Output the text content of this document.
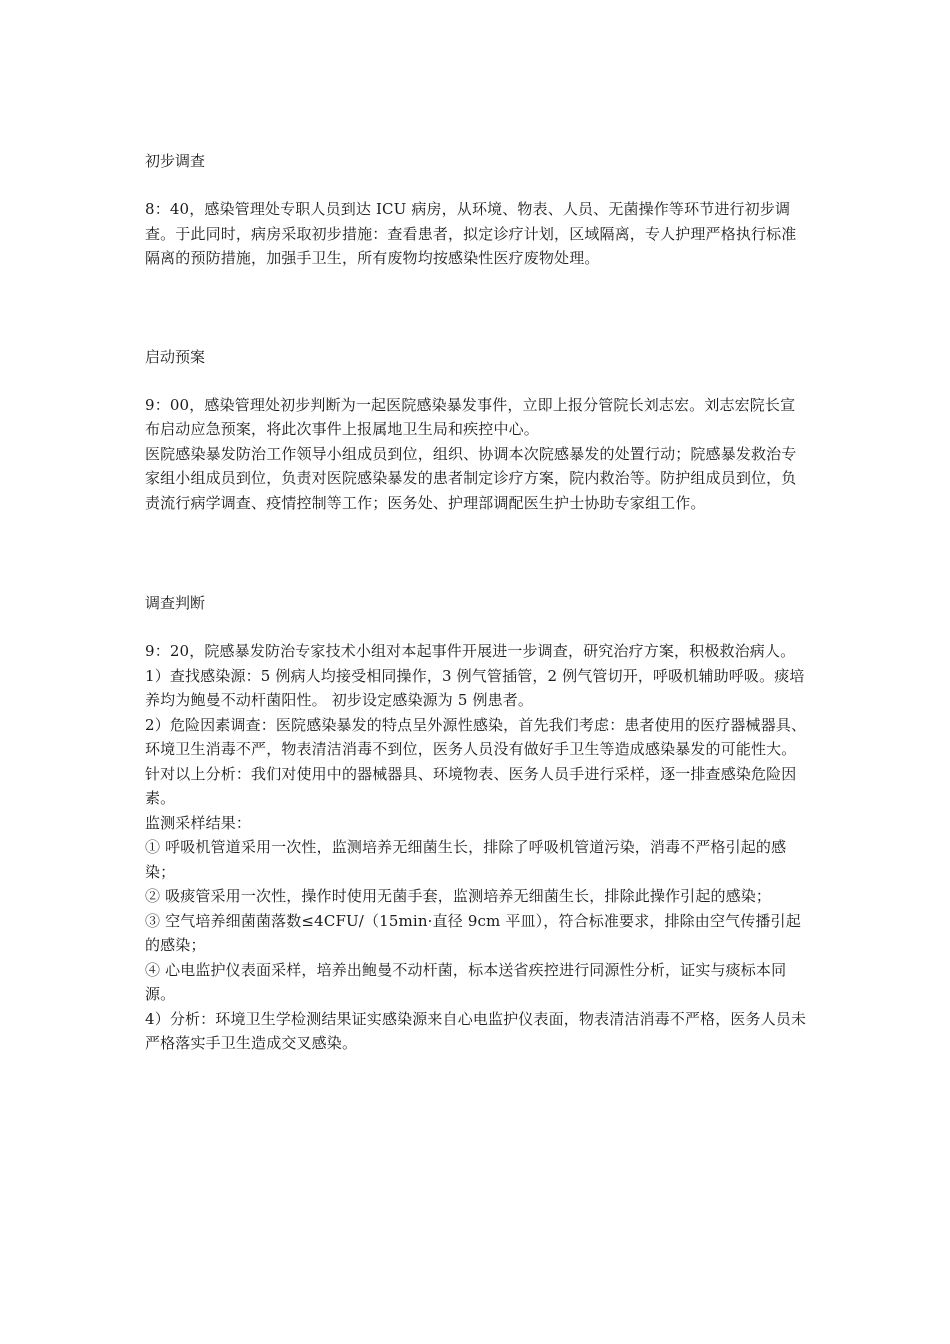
初步调查

8：40，感染管理处专职人员到达 ICU 病房，从环境、物表、人员、无菌操作等环节进行初步调查。于此同时，病房采取初步措施：查看患者，拟定诊疗计划，区域隔离，专人护理严格执行标准隔离的预防措施，加强手卫生，所有废物均按感染性医疗废物处理。

启动预案

9：00，感染管理处初步判断为一起医院感染暴发事件，立即上报分管院长刘志宏。刘志宏院长宣布启动应急预案，将此次事件上报属地卫生局和疾控中心。

医院感染暴发防治工作领导小组成员到位，组织、协调本次院感暴发的处置行动；院感暴发救治专家组小组成员到位，负责对医院感染暴发的患者制定诊疗方案，院内救治等。防护组成员到位，负责流行病学调查、疫情控制等工作；医务处、护理部调配医生护士协助专家组工作。

调查判断

9：20，院感暴发防治专家技术小组对本起事件开展进一步调查，研究治疗方案，积极救治病人。

1）查找感染源：5 例病人均接受相同操作，3 例气管插管，2 例气管切开，呼吸机辅助呼吸。痰培养均为鲍曼不动杆菌阳性。 初步设定感染源为 5 例患者。

2）危险因素调查：医院感染暴发的特点呈外源性感染，首先我们考虑：患者使用的医疗器械器具、环境卫生消毒不严，物表清洁消毒不到位，医务人员没有做好手卫生等造成感染暴发的可能性大。针对以上分析：我们对使用中的器械器具、环境物表、医务人员手进行采样，逐一排查感染危险因素。

监测采样结果：

① 呼吸机管道采用一次性，监测培养无细菌生长，排除了呼吸机管道污染，消毒不严格引起的感染；

② 吸痰管采用一次性，操作时使用无菌手套，监测培养无细菌生长，排除此操作引起的感染；

③ 空气培养细菌菌落数≤4CFU/（15min·直径 9cm 平皿），符合标准要求，排除由空气传播引起的感染；

④ 心电监护仪表面采样，培养出鲍曼不动杆菌，标本送省疾控进行同源性分析，证实与痰标本同源。

4）分析：环境卫生学检测结果证实感染源来自心电监护仪表面，物表清洁消毒不严格，医务人员未严格落实手卫生造成交叉感染。
